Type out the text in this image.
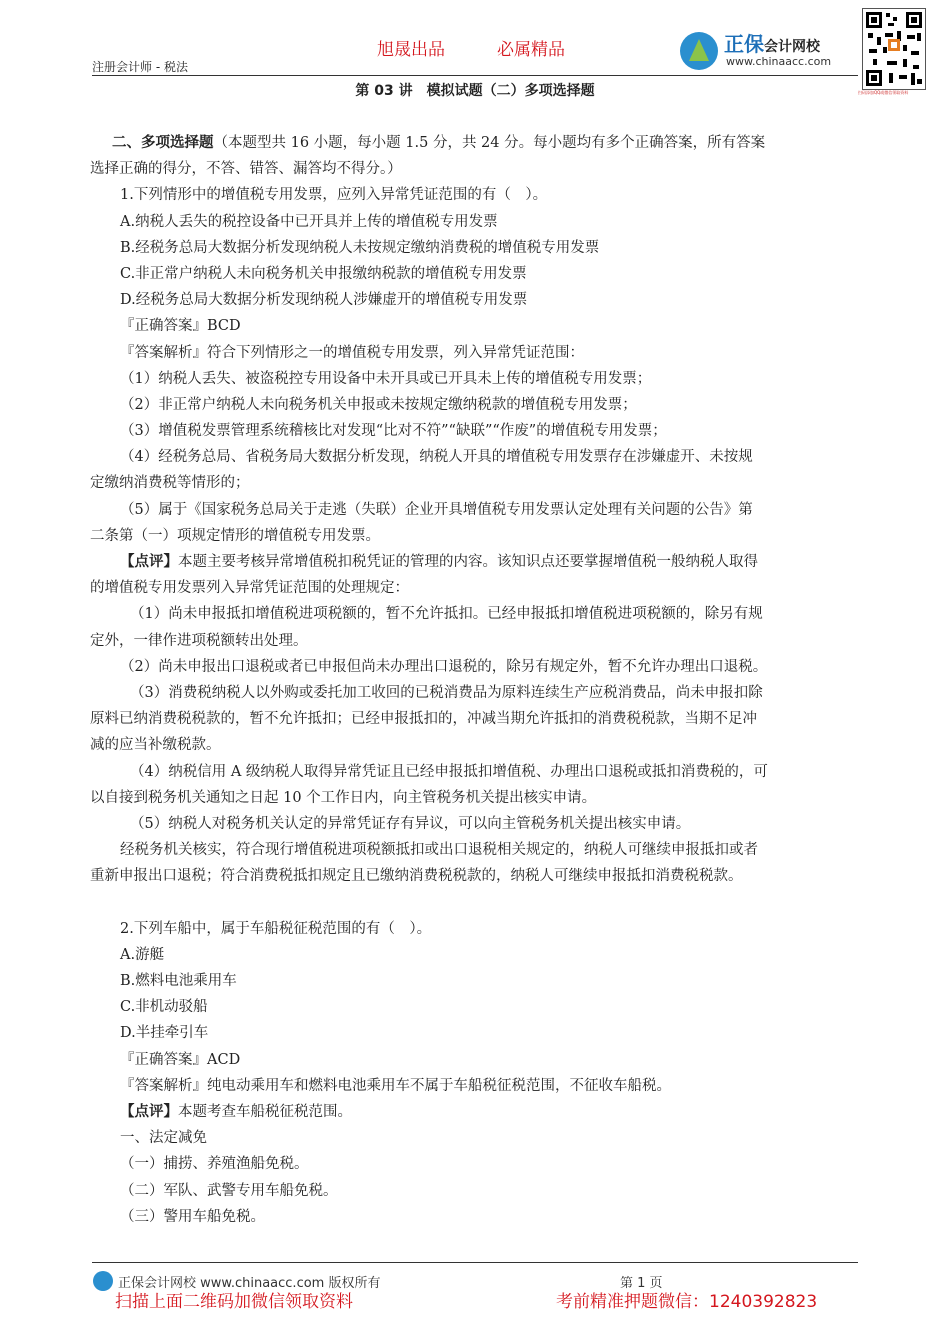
旭晟出品	必属精品
注册会计师 - 税法
正保会计网校
www.chinaacc.com
扫码添加QQ或微信领取资料
第 03 讲　模拟试题（二）多项选择题
二、多项选择题（本题型共 16 小题，每小题 1.5 分，共 24 分。每小题均有多个正确答案，所有答案
选择正确的得分，不答、错答、漏答均不得分。）
1.下列情形中的增值税专用发票，应列入异常凭证范围的有（　）。
A.纳税人丢失的税控设备中已开具并上传的增值税专用发票
B.经税务总局大数据分析发现纳税人未按规定缴纳消费税的增值税专用发票
C.非正常户纳税人未向税务机关申报缴纳税款的增值税专用发票
D.经税务总局大数据分析发现纳税人涉嫌虚开的增值税专用发票
『正确答案』BCD
『答案解析』符合下列情形之一的增值税专用发票，列入异常凭证范围：
（1）纳税人丢失、被盗税控专用设备中未开具或已开具未上传的增值税专用发票；
（2）非正常户纳税人未向税务机关申报或未按规定缴纳税款的增值税专用发票；
（3）增值税发票管理系统稽核比对发现“比对不符”“缺联”“作废”的增值税专用发票；
（4）经税务总局、省税务局大数据分析发现，纳税人开具的增值税专用发票存在涉嫌虚开、未按规
定缴纳消费税等情形的；
（5）属于《国家税务总局关于走逃（失联）企业开具增值税专用发票认定处理有关问题的公告》第
二条第（一）项规定情形的增值税专用发票。
【点评】本题主要考核异常增值税扣税凭证的管理的内容。该知识点还要掌握增值税一般纳税人取得
的增值税专用发票列入异常凭证范围的处理规定：
（1）尚未申报抵扣增值税进项税额的，暂不允许抵扣。已经申报抵扣增值税进项税额的，除另有规
定外，一律作进项税额转出处理。
（2）尚未申报出口退税或者已申报但尚未办理出口退税的，除另有规定外，暂不允许办理出口退税。
（3）消费税纳税人以外购或委托加工收回的已税消费品为原料连续生产应税消费品，尚未申报扣除
原料已纳消费税税款的，暂不允许抵扣；已经申报抵扣的，冲减当期允许抵扣的消费税税款，当期不足冲
减的应当补缴税款。
（4）纳税信用 A 级纳税人取得异常凭证且已经申报抵扣增值税、办理出口退税或抵扣消费税的，可
以自接到税务机关通知之日起 10 个工作日内，向主管税务机关提出核实申请。
（5）纳税人对税务机关认定的异常凭证存有异议，可以向主管税务机关提出核实申请。
经税务机关核实，符合现行增值税进项税额抵扣或出口退税相关规定的，纳税人可继续申报抵扣或者
重新申报出口退税；符合消费税抵扣规定且已缴纳消费税税款的，纳税人可继续申报抵扣消费税税款。
2.下列车船中，属于车船税征税范围的有（　）。
A.游艇
B.燃料电池乘用车
C.非机动驳船
D.半挂牵引车
『正确答案』ACD
『答案解析』纯电动乘用车和燃料电池乘用车不属于车船税征税范围，不征收车船税。
【点评】本题考查车船税征税范围。
一、法定减免
（一）捕捞、养殖渔船免税。
（二）军队、武警专用车船免税。
（三）警用车船免税。
正保会计网校 www.chinaacc.com 版权所有	第 1 页
扫描上面二维码加微信领取资料	考前精准押题微信：1240392823
